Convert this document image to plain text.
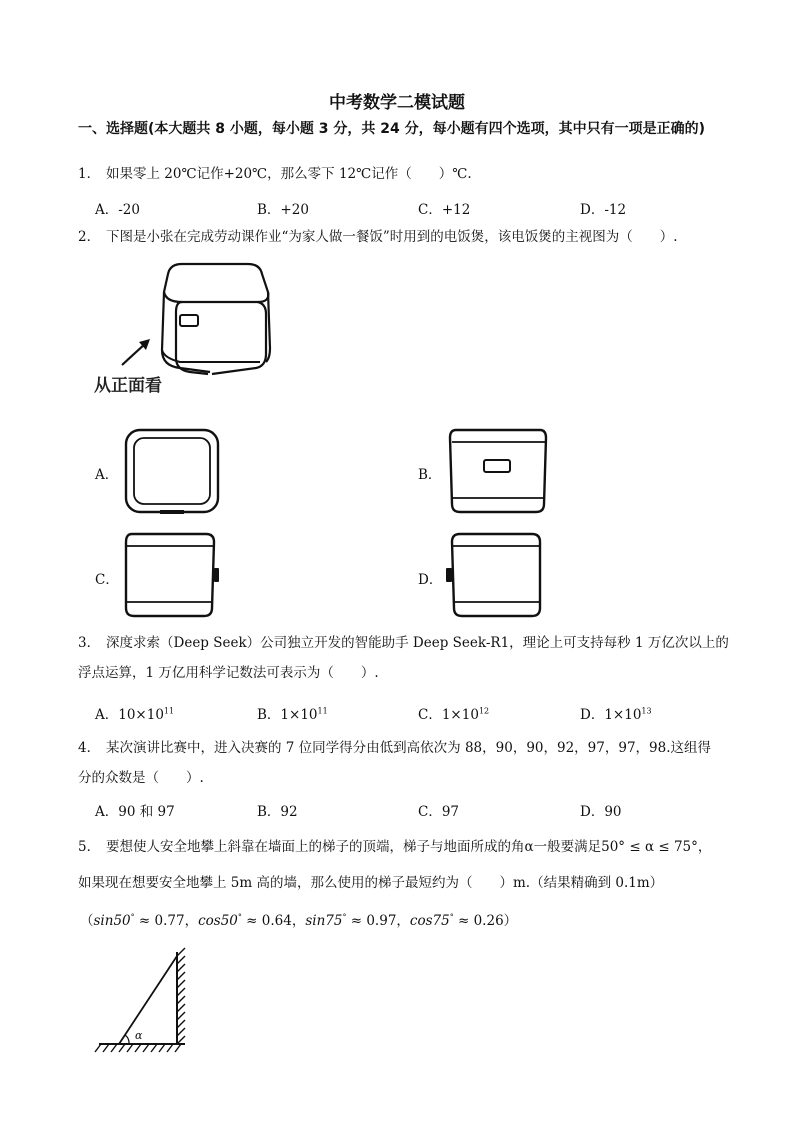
中考数学二模试题
一、选择题(本大题共 8 小题，每小题 3 分，共 24 分，每小题有四个选项，其中只有一项是正确的)
1． 如果零上 20℃记作+20℃，那么零下 12℃记作（　　）℃.
A．-20	B．+20	C．+12	D．-12
2． 下图是小张在完成劳动课作业“为家人做一餐饭”时用到的电饭煲，该电饭煲的主视图为（　　）.
从正面看
A．	B．
C．	D．
3． 深度求索（Deep Seek）公司独立开发的智能助手 Deep Seek-R1，理论上可支持每秒 1 万亿次以上的
浮点运算，1 万亿用科学记数法可表示为（　　）.
A．$10\times 10^{11}$	B．$1\times 10^{11}$	C．$1\times 10^{12}$	D．$1\times 10^{13}$
4． 某次演讲比赛中，进入决赛的 7 位同学得分由低到高依次为 88，90，90，92，97，97，98.这组得
分的众数是（　　）.
A．90 和 97	B．92	C．97	D．90
5． 要想使人安全地攀上斜靠在墙面上的梯子的顶端，梯子与地面所成的角α一般要满足50° ≤ α ≤ 75°，
如果现在想要安全地攀上 5m 高的墙，那么使用的梯子最短约为（　　）m.（结果精确到 0.1m）
（sin50° ≈ 0.77，cos50° ≈ 0.64，sin75° ≈ 0.97，cos75° ≈ 0.26）
α
